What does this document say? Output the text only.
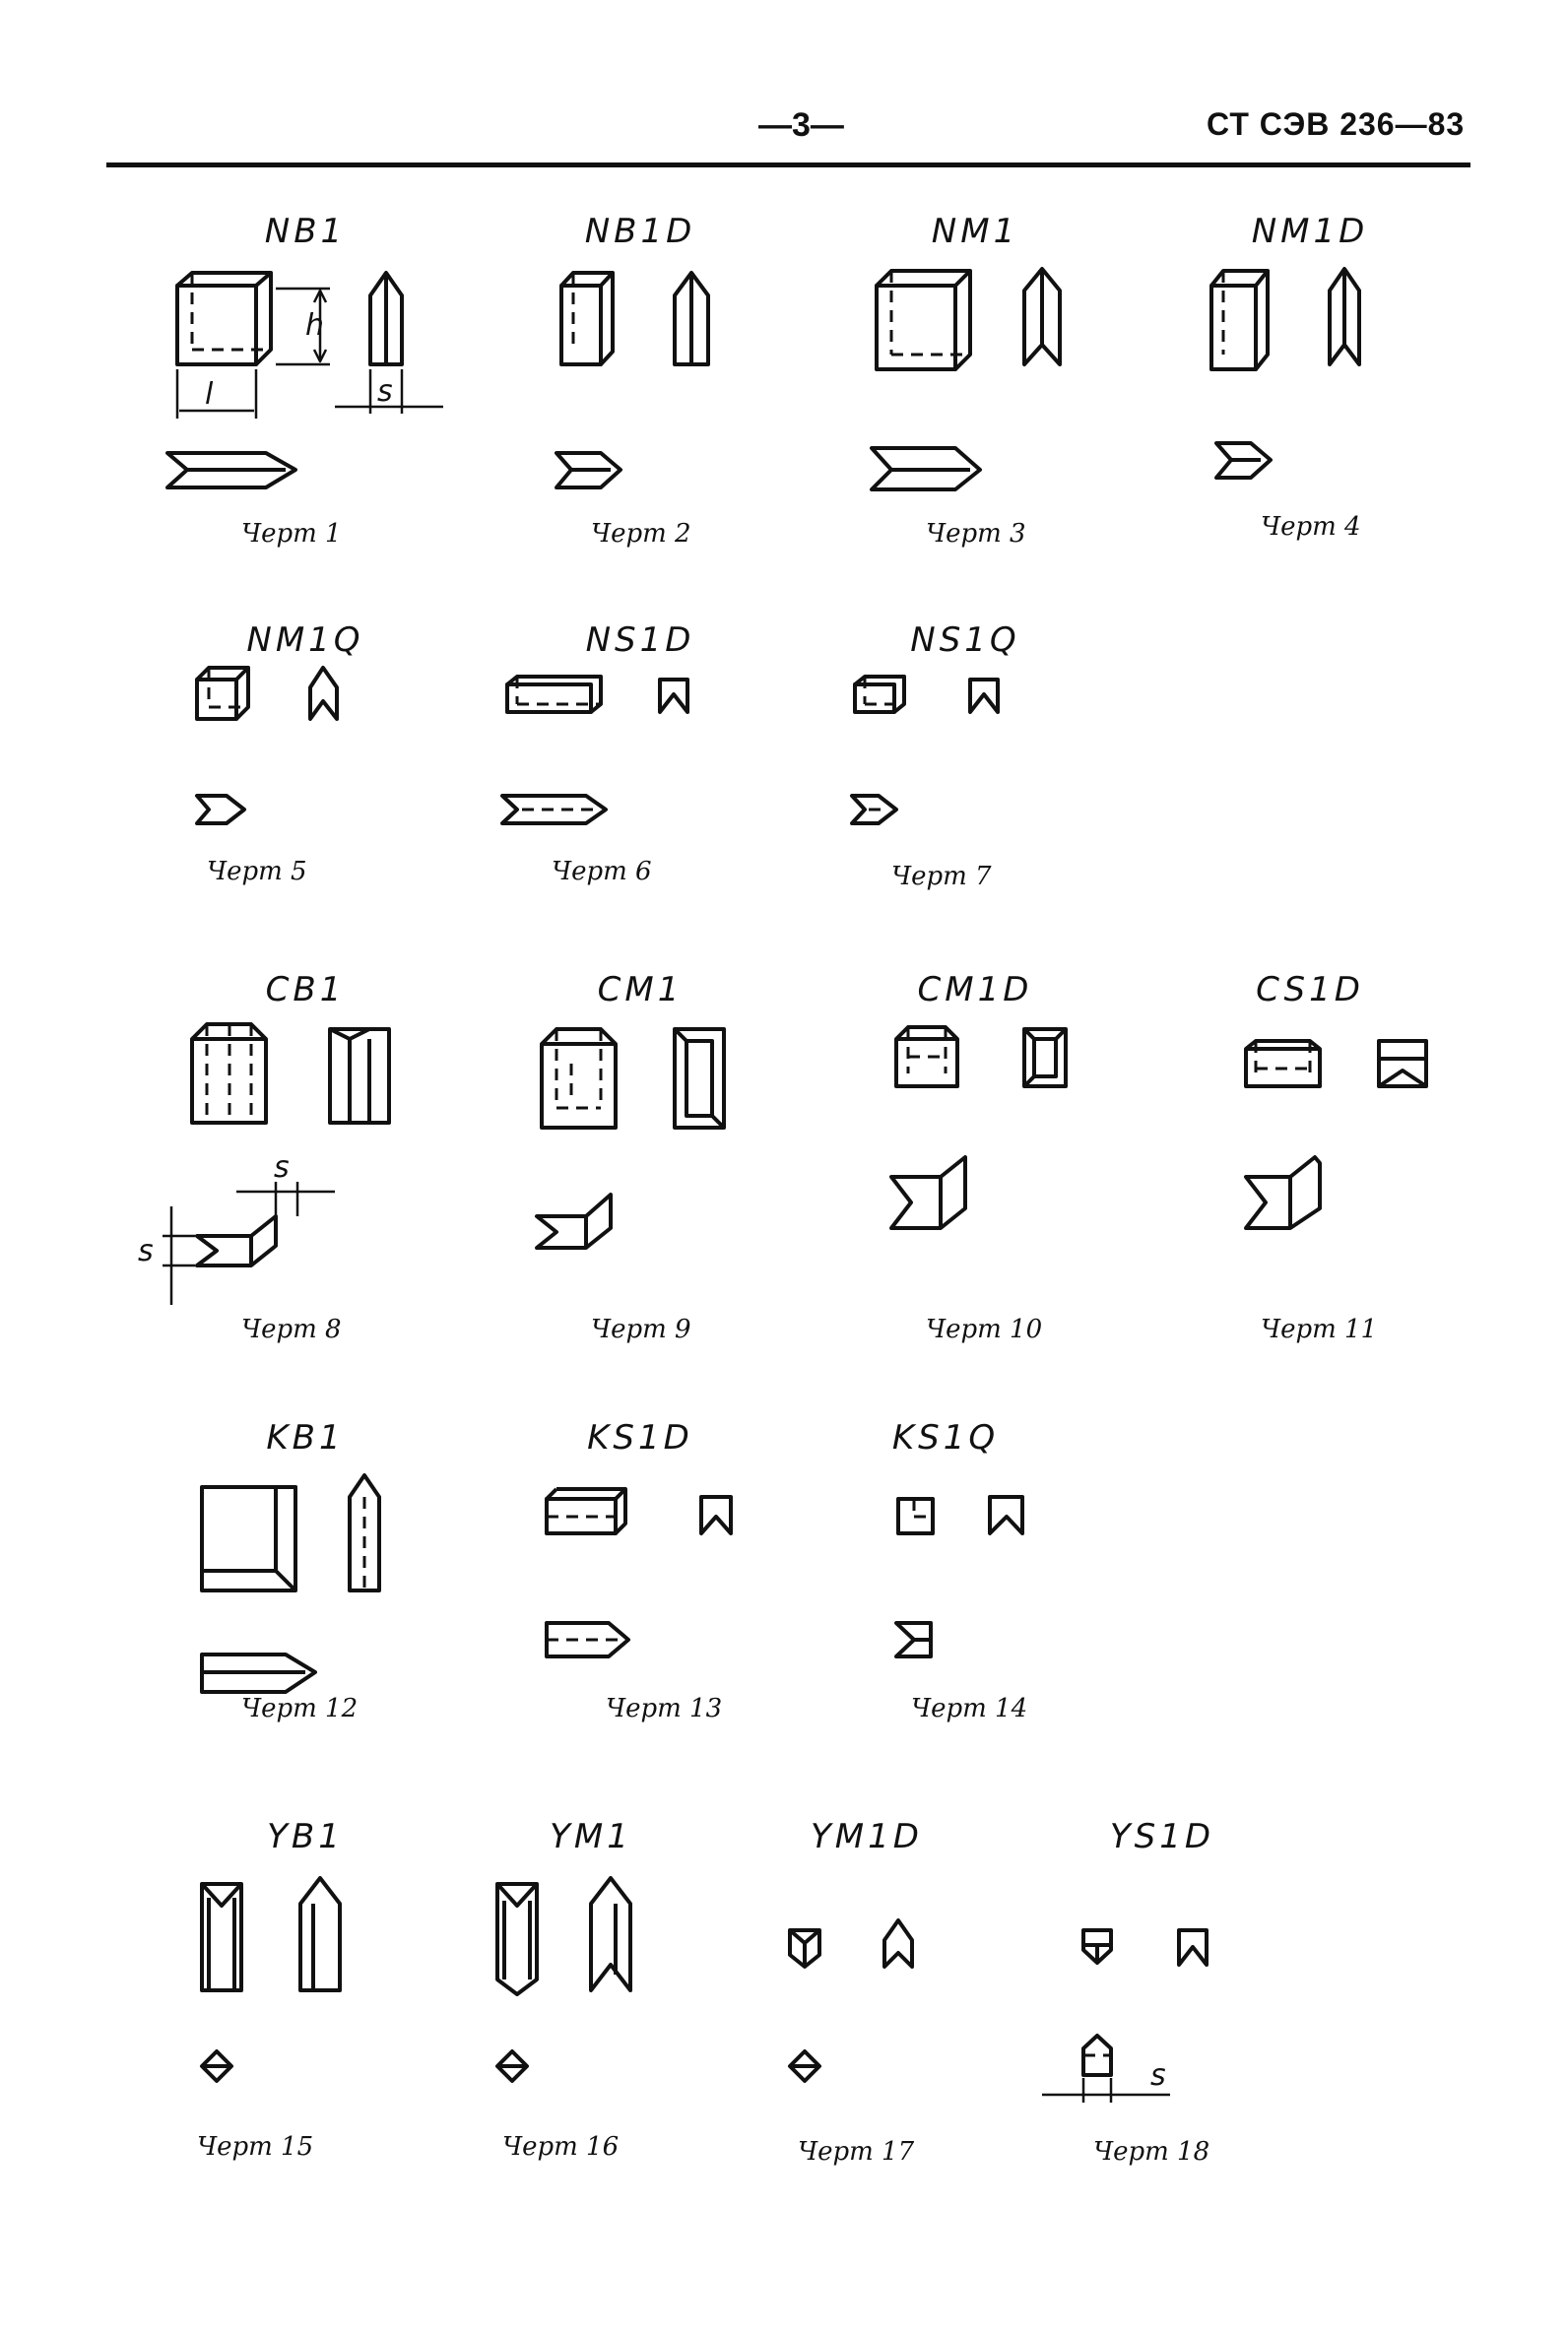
—3—	СТ СЭВ 236—83
NB1
h
l	s
Черт 1
NB1D
Черт 2
NM1
Черт 3
NM1D
Черт 4
NM1Q
Черт 5
NS1D
Черт 6
NS1Q
Черт 7
CB1
s
s
Черт 8
CM1
Черт 9
CM1D
Черт 10
CS1D
Черт 11
KB1
Черт 12
KS1D
Черт 13
KS1Q
Черт 14
YB1
Черт 15
YM1
Черт 16
YM1D
Черт 17
YS1D
s
Черт 18
